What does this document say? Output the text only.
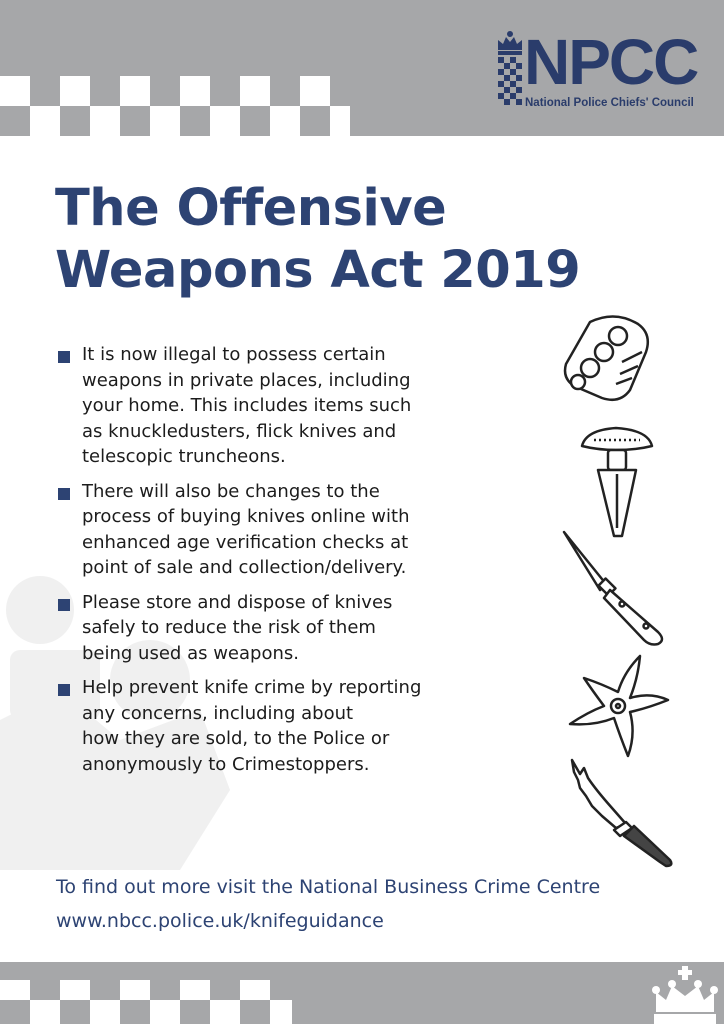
NPCC
National Police Chiefs' Council
The Offensive
Weapons Act 2019
It is now illegal to possess certain
weapons in private places, including
your home. This includes items such
as knuckledusters, flick knives and
telescopic truncheons.
There will also be changes to the
process of buying knives online with
enhanced age verification checks at
point of sale and collection/delivery.
Please store and dispose of knives
safely to reduce the risk of them
being used as weapons.
Help prevent knife crime by reporting
any concerns, including about
how they are sold, to the Police or
anonymously to Crimestoppers.
To find out more visit the National Business Crime Centre
www.nbcc.police.uk/knifeguidance
